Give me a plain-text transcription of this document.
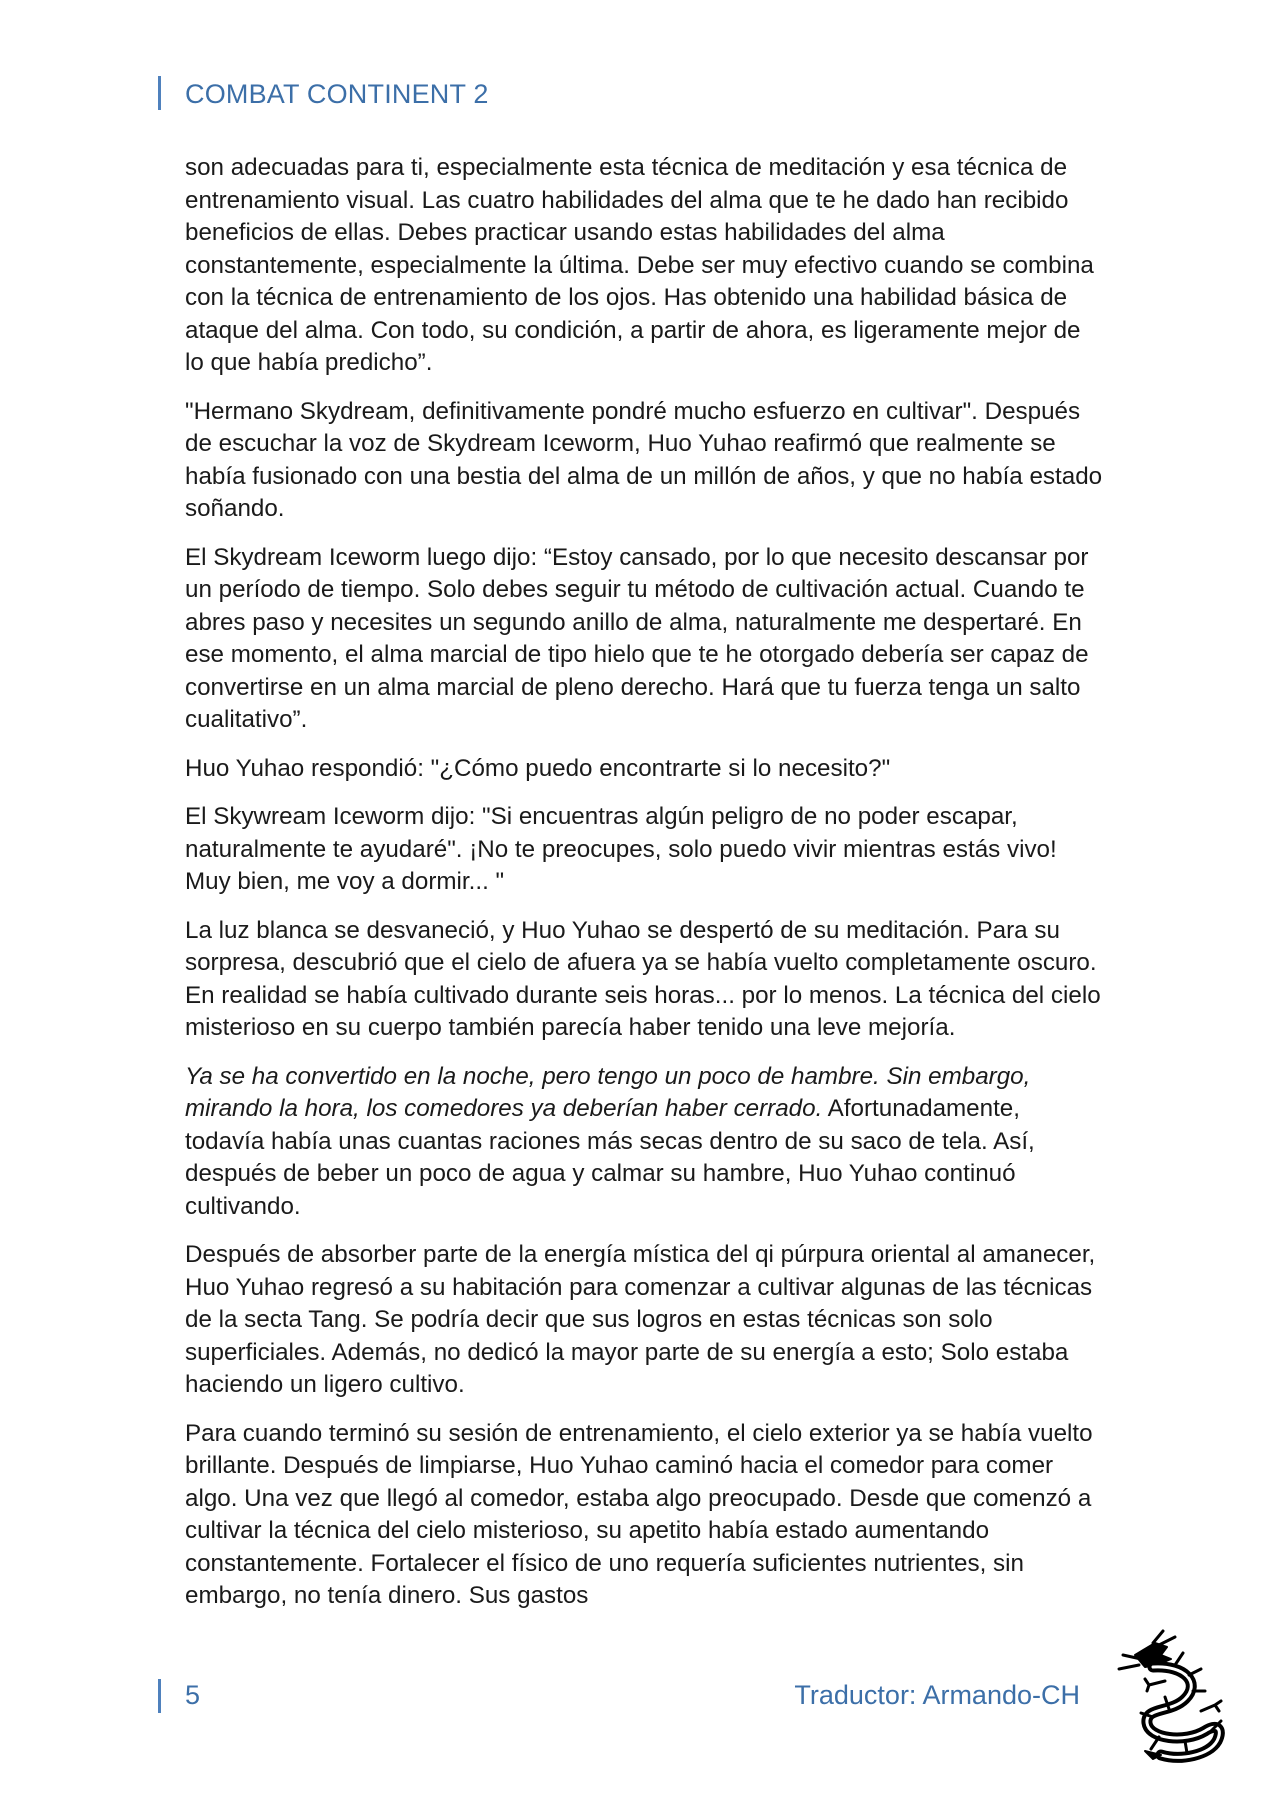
COMBAT CONTINENT 2

son adecuadas para ti, especialmente esta técnica de meditación y esa técnica de entrenamiento visual. Las cuatro habilidades del alma que te he dado han recibido beneficios de ellas. Debes practicar usando estas habilidades del alma constantemente, especialmente la última. Debe ser muy efectivo cuando se combina con la técnica de entrenamiento de los ojos. Has obtenido una habilidad básica de ataque del alma. Con todo, su condición, a partir de ahora, es ligeramente mejor de lo que había predicho”.

"Hermano Skydream, definitivamente pondré mucho esfuerzo en cultivar". Después de escuchar la voz de Skydream Iceworm, Huo Yuhao reafirmó que realmente se había fusionado con una bestia del alma de un millón de años, y que no había estado soñando.

El Skydream Iceworm luego dijo: “Estoy cansado, por lo que necesito descansar por un período de tiempo. Solo debes seguir tu método de cultivación actual. Cuando te abres paso y necesites un segundo anillo de alma, naturalmente me despertaré. En ese momento, el alma marcial de tipo hielo que te he otorgado debería ser capaz de convertirse en un alma marcial de pleno derecho. Hará que tu fuerza tenga un salto cualitativo”.

Huo Yuhao respondió: "¿Cómo puedo encontrarte si lo necesito?"

El Skywream Iceworm dijo: "Si encuentras algún peligro de no poder escapar, naturalmente te ayudaré". ¡No te preocupes, solo puedo vivir mientras estás vivo! Muy bien, me voy a dormir... "

La luz blanca se desvaneció, y Huo Yuhao se despertó de su meditación. Para su sorpresa, descubrió que el cielo de afuera ya se había vuelto completamente oscuro. En realidad se había cultivado durante seis horas... por lo menos. La técnica del cielo misterioso en su cuerpo también parecía haber tenido una leve mejoría.

Ya se ha convertido en la noche, pero tengo un poco de hambre. Sin embargo, mirando la hora, los comedores ya deberían haber cerrado. Afortunadamente, todavía había unas cuantas raciones más secas dentro de su saco de tela. Así, después de beber un poco de agua y calmar su hambre, Huo Yuhao continuó cultivando.

Después de absorber parte de la energía mística del qi púrpura oriental al amanecer, Huo Yuhao regresó a su habitación para comenzar a cultivar algunas de las técnicas de la secta Tang. Se podría decir que sus logros en estas técnicas son solo superficiales. Además, no dedicó la mayor parte de su energía a esto; Solo estaba haciendo un ligero cultivo.

Para cuando terminó su sesión de entrenamiento, el cielo exterior ya se había vuelto brillante. Después de limpiarse, Huo Yuhao caminó hacia el comedor para comer algo. Una vez que llegó al comedor, estaba algo preocupado. Desde que comenzó a cultivar la técnica del cielo misterioso, su apetito había estado aumentando constantemente. Fortalecer el físico de uno requería suficientes nutrientes, sin embargo, no tenía dinero. Sus gastos

5	Traductor: Armando-CH
